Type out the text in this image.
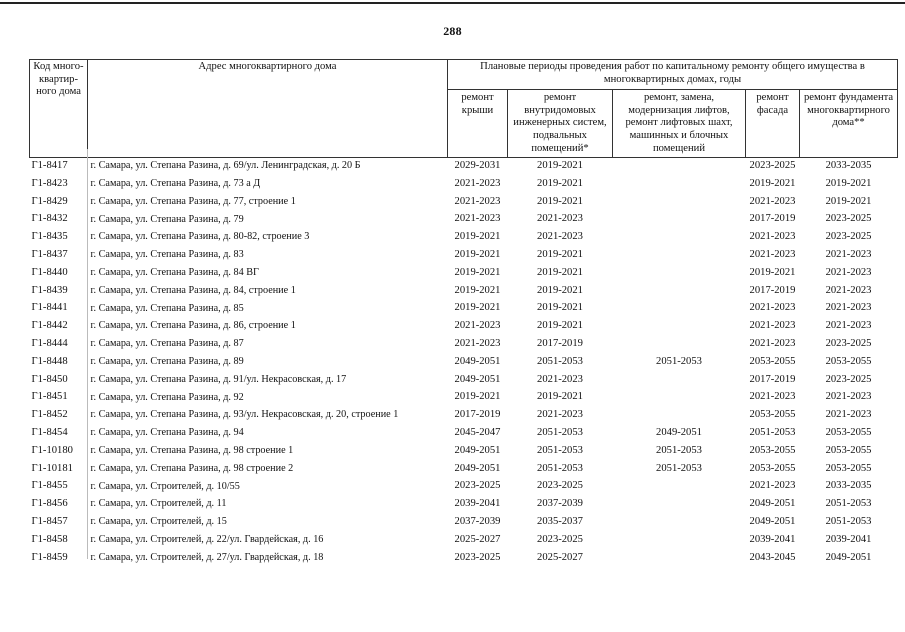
288
Код много-квартир-ного дома	Адрес многоквартирного дома	Плановые периоды проведения работ по капитальному ремонту общего имущества в многоквартирных домах, годы				
		ремонт крыши	ремонт внутридомовых инженерных систем, подвальных помещений*	ремонт, замена, модернизация лифтов, ремонт лифтовых шахт, машинных и блочных помещений	ремонт фасада	ремонт фундамента многоквартирного дома**
Г1-8417	г. Самара, ул. Степана Разина, д. 69/ул. Ленинградская, д. 20 Б	2029-2031	2019-2021		2023-2025	2033-2035
Г1-8423	г. Самара, ул. Степана Разина, д. 73 а Д	2021-2023	2019-2021		2019-2021	2019-2021
Г1-8429	г. Самара, ул. Степана Разина, д. 77, строение 1	2021-2023	2019-2021		2021-2023	2019-2021
Г1-8432	г. Самара, ул. Степана Разина, д. 79	2021-2023	2021-2023		2017-2019	2023-2025
Г1-8435	г. Самара, ул. Степана Разина, д. 80-82, строение 3	2019-2021	2021-2023		2021-2023	2023-2025
Г1-8437	г. Самара, ул. Степана Разина, д. 83	2019-2021	2019-2021		2021-2023	2021-2023
Г1-8440	г. Самара, ул. Степана Разина, д. 84 ВГ	2019-2021	2019-2021		2019-2021	2021-2023
Г1-8439	г. Самара, ул. Степана Разина, д. 84, строение 1	2019-2021	2019-2021		2017-2019	2021-2023
Г1-8441	г. Самара, ул. Степана Разина, д. 85	2019-2021	2019-2021		2021-2023	2021-2023
Г1-8442	г. Самара, ул. Степана Разина, д. 86, строение 1	2021-2023	2019-2021		2021-2023	2021-2023
Г1-8444	г. Самара, ул. Степана Разина, д. 87	2021-2023	2017-2019		2021-2023	2023-2025
Г1-8448	г. Самара, ул. Степана Разина, д. 89	2049-2051	2051-2053	2051-2053	2053-2055	2053-2055
Г1-8450	г. Самара, ул. Степана Разина, д. 91/ул. Некрасовская, д. 17	2049-2051	2021-2023		2017-2019	2023-2025
Г1-8451	г. Самара, ул. Степана Разина, д. 92	2019-2021	2019-2021		2021-2023	2021-2023
Г1-8452	г. Самара, ул. Степана Разина, д. 93/ул. Некрасовская, д. 20, строение 1	2017-2019	2021-2023		2053-2055	2021-2023
Г1-8454	г. Самара, ул. Степана Разина, д. 94	2045-2047	2051-2053	2049-2051	2051-2053	2053-2055
Г1-10180	г. Самара, ул. Степана Разина, д. 98 строение 1	2049-2051	2051-2053	2051-2053	2053-2055	2053-2055
Г1-10181	г. Самара, ул. Степана Разина, д. 98 строение 2	2049-2051	2051-2053	2051-2053	2053-2055	2053-2055
Г1-8455	г. Самара, ул. Строителей, д. 10/55	2023-2025	2023-2025		2021-2023	2033-2035
Г1-8456	г. Самара, ул. Строителей, д. 11	2039-2041	2037-2039		2049-2051	2051-2053
Г1-8457	г. Самара, ул. Строителей, д. 15	2037-2039	2035-2037		2049-2051	2051-2053
Г1-8458	г. Самара, ул. Строителей, д. 22/ул. Гвардейская, д. 16	2025-2027	2023-2025		2039-2041	2039-2041
Г1-8459	г. Самара, ул. Строителей, д. 27/ул. Гвардейская, д. 18	2023-2025	2025-2027		2043-2045	2049-2051
